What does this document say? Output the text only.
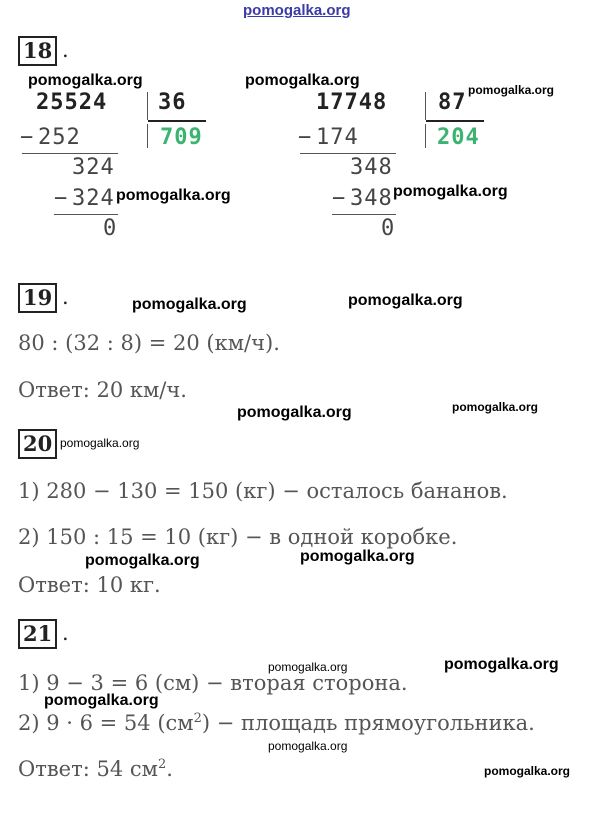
pomogalka.org
18 .
pomogalka.org	pomogalka.org
pomogalka.org
25524 36
709
− 252
324
− 324
0
pomogalka.org
17748 87
204
− 174
348
− 348
0
pomogalka.org
19 .	pomogalka.org	pomogalka.org
80 : (32 : 8) = 20 (км/ч).
Ответ: 20 км/ч.
pomogalka.org	pomogalka.org
20 pomogalka.org
1) 280 − 130 = 150 (кг) − осталось бананов.
2) 150 : 15 = 10 (кг) − в одной коробке.
pomogalka.org	pomogalka.org
Ответ: 10 кг.
21 .
pomogalka.org	pomogalka.org
1) 9 − 3 = 6 (см) − вторая сторона.
pomogalka.org
2) 9 · 6 = 54 $(см^2)$ − площадь прямоугольника.
pomogalka.org
Ответ: 54 $см^2$.	pomogalka.org
